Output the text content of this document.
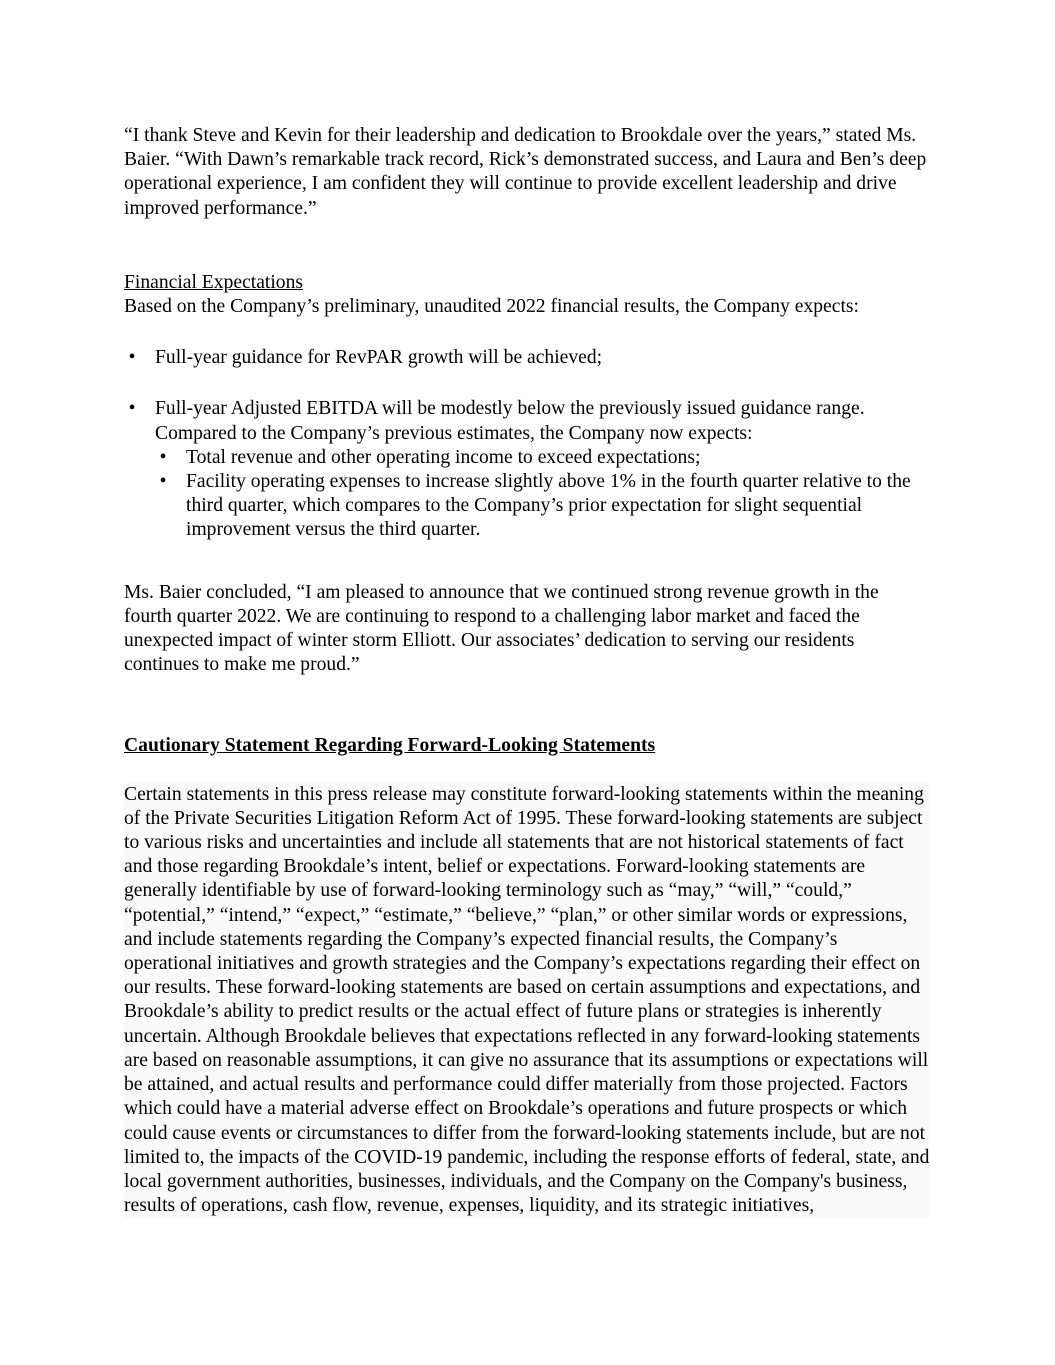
“I thank Steve and Kevin for their leadership and dedication to Brookdale over the years,” stated Ms. Baier. “With Dawn’s remarkable track record, Rick’s demonstrated success, and Laura and Ben’s deep operational experience, I am confident they will continue to provide excellent leadership and drive improved performance.”

Financial Expectations

Based on the Company’s preliminary, unaudited 2022 financial results, the Company expects:

• Full-year guidance for RevPAR growth will be achieved;
• Full-year Adjusted EBITDA will be modestly below the previously issued guidance range. Compared to the Company’s previous estimates, the Company now expects:
• Total revenue and other operating income to exceed expectations;
• Facility operating expenses to increase slightly above 1% in the fourth quarter relative to the third quarter, which compares to the Company’s prior expectation for slight sequential improvement versus the third quarter.

Ms. Baier concluded, “I am pleased to announce that we continued strong revenue growth in the fourth quarter 2022. We are continuing to respond to a challenging labor market and faced the unexpected impact of winter storm Elliott. Our associates’ dedication to serving our residents continues to make me proud.”

Cautionary Statement Regarding Forward-Looking Statements

Certain statements in this press release may constitute forward-looking statements within the meaning of the Private Securities Litigation Reform Act of 1995. These forward-looking statements are subject to various risks and uncertainties and include all statements that are not historical statements of fact and those regarding Brookdale’s intent, belief or expectations. Forward-looking statements are generally identifiable by use of forward-looking terminology such as “may,” “will,” “could,” “potential,” “intend,” “expect,” “estimate,” “believe,” “plan,” or other similar words or expressions, and include statements regarding the Company’s expected financial results, the Company’s operational initiatives and growth strategies and the Company’s expectations regarding their effect on our results. These forward-looking statements are based on certain assumptions and expectations, and Brookdale’s ability to predict results or the actual effect of future plans or strategies is inherently uncertain. Although Brookdale believes that expectations reflected in any forward-looking statements are based on reasonable assumptions, it can give no assurance that its assumptions or expectations will be attained, and actual results and performance could differ materially from those projected. Factors which could have a material adverse effect on Brookdale’s operations and future prospects or which could cause events or circumstances to differ from the forward-looking statements include, but are not limited to, the impacts of the COVID-19 pandemic, including the response efforts of federal, state, and local government authorities, businesses, individuals, and the Company on the Company's business, results of operations, cash flow, revenue, expenses, liquidity, and its strategic initiatives,
